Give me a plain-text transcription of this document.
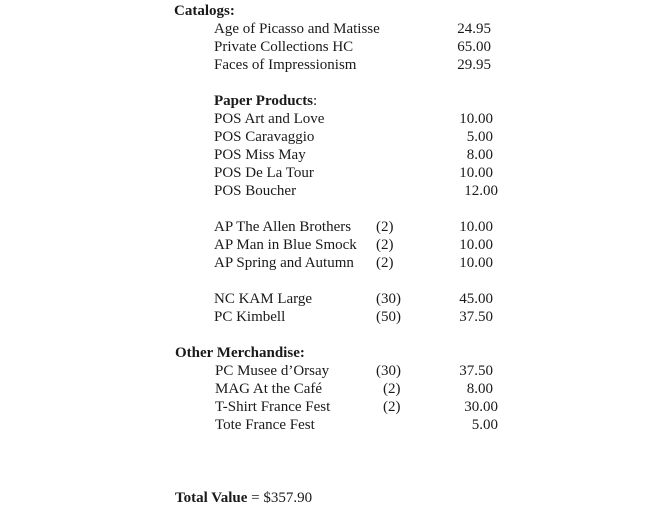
Catalogs:
Age of Picasso and Matisse	24.95
Private Collections HC	65.00
Faces of Impressionism	29.95
Paper Products:
POS Art and Love	10.00
POS Caravaggio	5.00
POS Miss May	8.00
POS De La Tour	10.00
POS Boucher	12.00
AP The Allen Brothers (2)	10.00
AP Man in Blue Smock (2)	10.00
AP Spring and Autumn (2)	10.00
NC KAM Large	(30)	45.00
PC Kimbell	(50)	37.50
Other Merchandise:
PC Musee d’Orsay	(30)	37.50
MAG At the Café	(2)	8.00
T-Shirt France Fest	(2)	30.00
Tote France Fest	5.00
Total Value = $357.90
